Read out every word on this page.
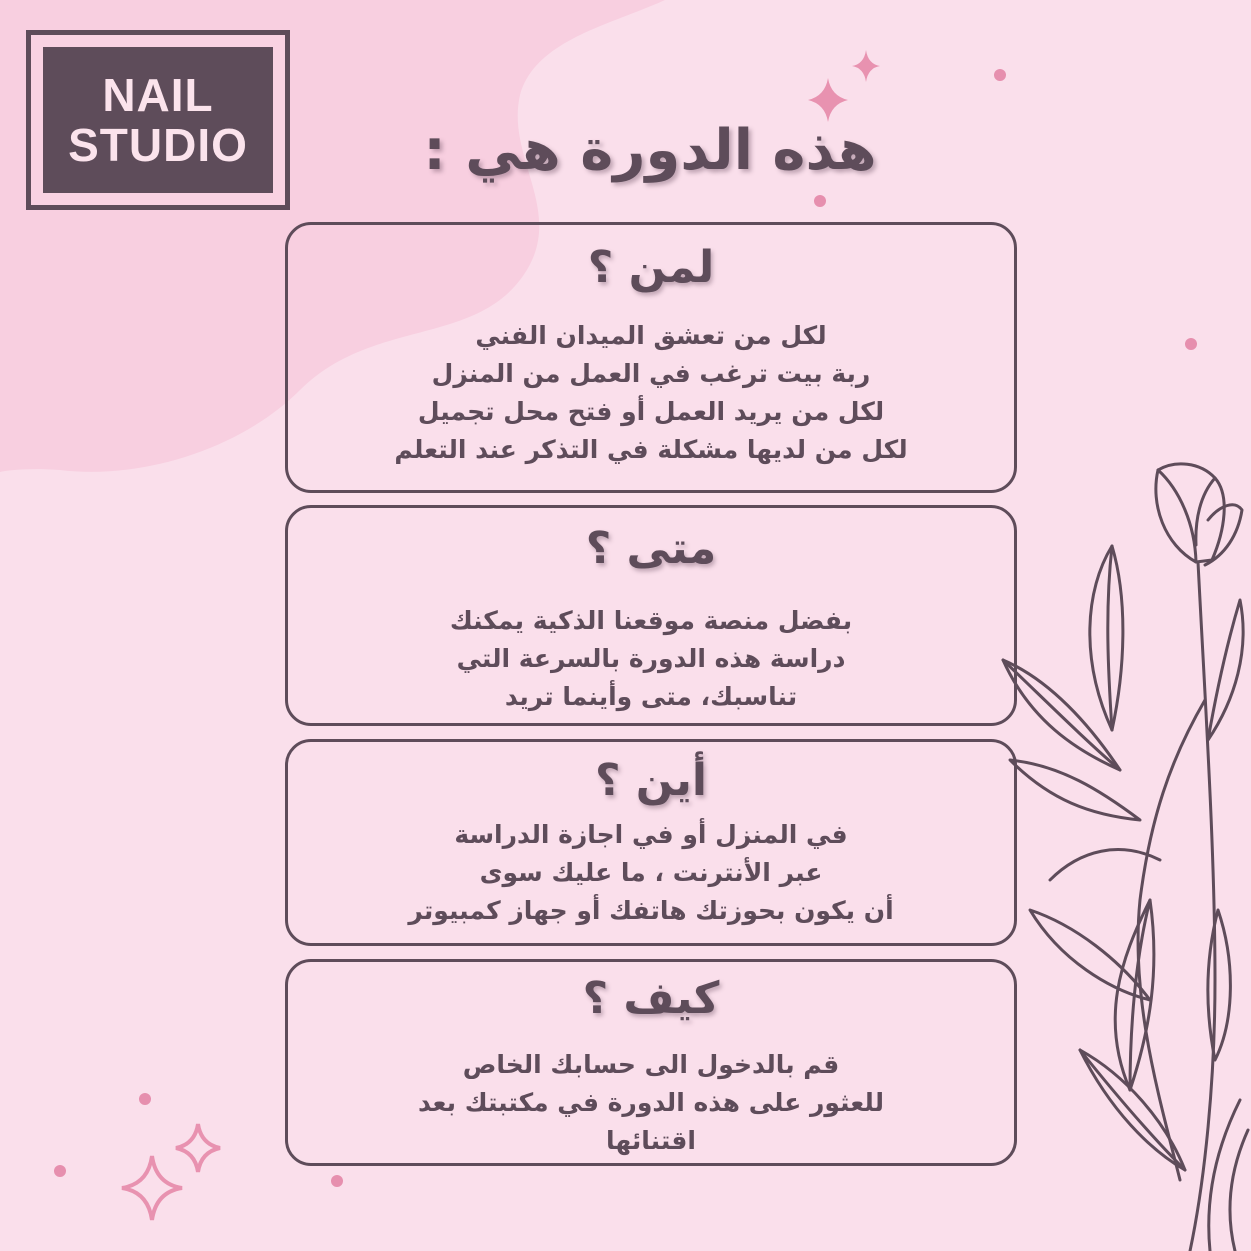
NAIL
STUDIO	هذه الدورة هي :
لمن ؟
لكل من تعشق الميدان الفني
ربة بيت ترغب في العمل من المنزل
لكل من يريد العمل أو فتح محل تجميل
لكل من لديها مشكلة في التذكر عند التعلم
متى ؟
بفضل منصة موقعنا الذكية يمكنك
دراسة هذه الدورة بالسرعة التي
تناسبك، متى وأينما تريد
أين ؟
في المنزل أو في اجازة الدراسة
عبر الأنترنت ، ما عليك سوى
أن يكون بحوزتك هاتفك أو جهاز كمبيوتر
كيف ؟
قم بالدخول الى حسابك الخاص
للعثور على هذه الدورة في مكتبتك بعد
اقتنائها
